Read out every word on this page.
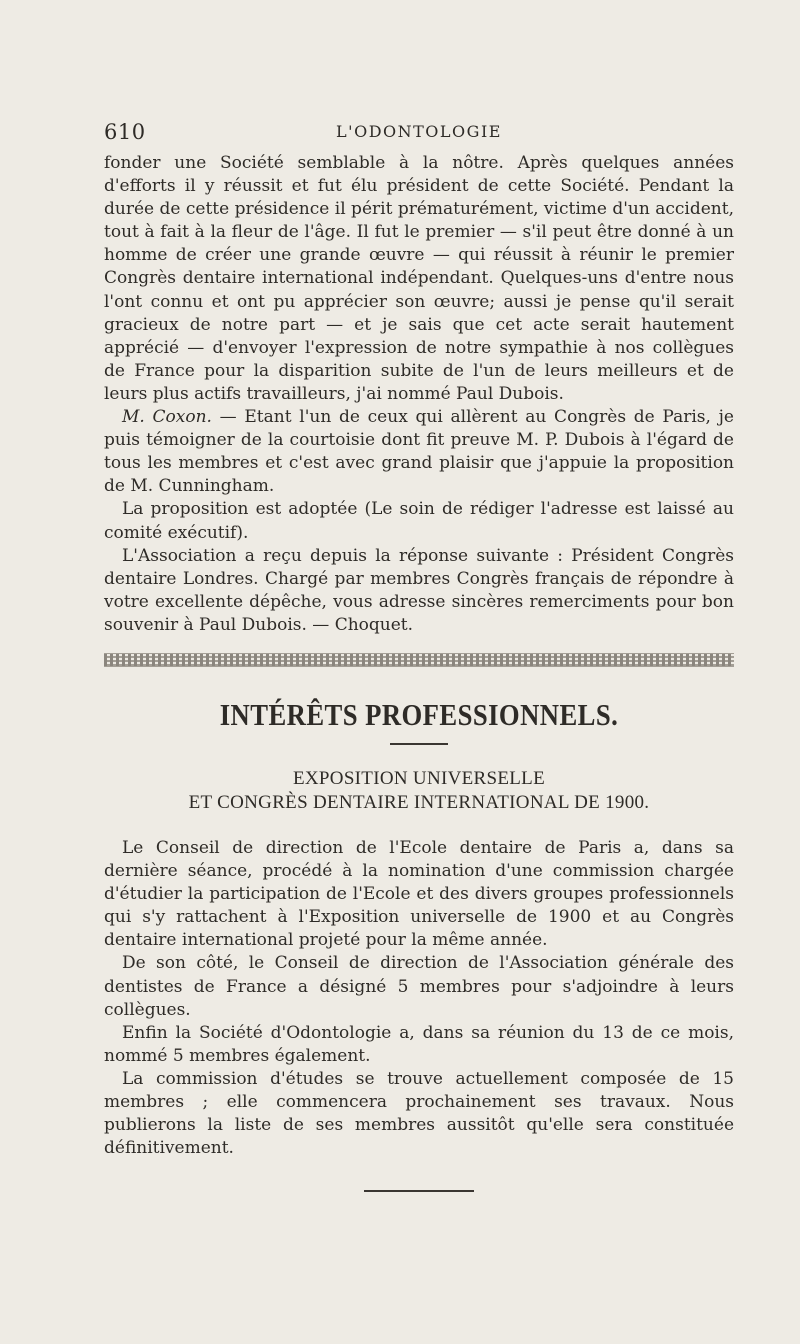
610	L'ODONTOLOGIE

fonder une Société semblable à la nôtre. Après quelques années d'efforts il y réussit et fut élu président de cette Société. Pendant la durée de cette présidence il périt prématurément, victime d'un accident, tout à fait à la fleur de l'âge. Il fut le premier — s'il peut être donné à un homme de créer une grande œuvre — qui réussit à réunir le premier Congrès dentaire international indépendant. Quelques-uns d'entre nous l'ont connu et ont pu apprécier son œuvre; aussi je pense qu'il serait gracieux de notre part — et je sais que cet acte serait hautement apprécié — d'envoyer l'expression de notre sympathie à nos collègues de France pour la disparition subite de l'un de leurs meilleurs et de leurs plus actifs travailleurs, j'ai nommé Paul Dubois.

M. Coxon. — Etant l'un de ceux qui allèrent au Congrès de Paris, je puis témoigner de la courtoisie dont fit preuve M. P. Dubois à l'égard de tous les membres et c'est avec grand plaisir que j'appuie la proposition de M. Cunningham.

La proposition est adoptée (Le soin de rédiger l'adresse est laissé au comité exécutif).

L'Association a reçu depuis la réponse suivante : Président Congrès dentaire Londres. Chargé par membres Congrès français de répondre à votre excellente dépêche, vous adresse sincères remerciments pour bon souvenir à Paul Dubois. — Choquet.

INTÉRÊTS PROFESSIONNELS.
EXPOSITION UNIVERSELLE
ET CONGRÈS DENTAIRE INTERNATIONAL DE 1900.

Le Conseil de direction de l'Ecole dentaire de Paris a, dans sa dernière séance, procédé à la nomination d'une commission chargée d'étudier la participation de l'Ecole et des divers groupes professionnels qui s'y rattachent à l'Exposition universelle de 1900 et au Congrès dentaire international projeté pour la même année.

De son côté, le Conseil de direction de l'Association générale des dentistes de France a désigné 5 membres pour s'adjoindre à leurs collègues.

Enfin la Société d'Odontologie a, dans sa réunion du 13 de ce mois, nommé 5 membres également.

La commission d'études se trouve actuellement composée de 15 membres ; elle commencera prochainement ses travaux. Nous publierons la liste de ses membres aussitôt qu'elle sera constituée définitivement.
